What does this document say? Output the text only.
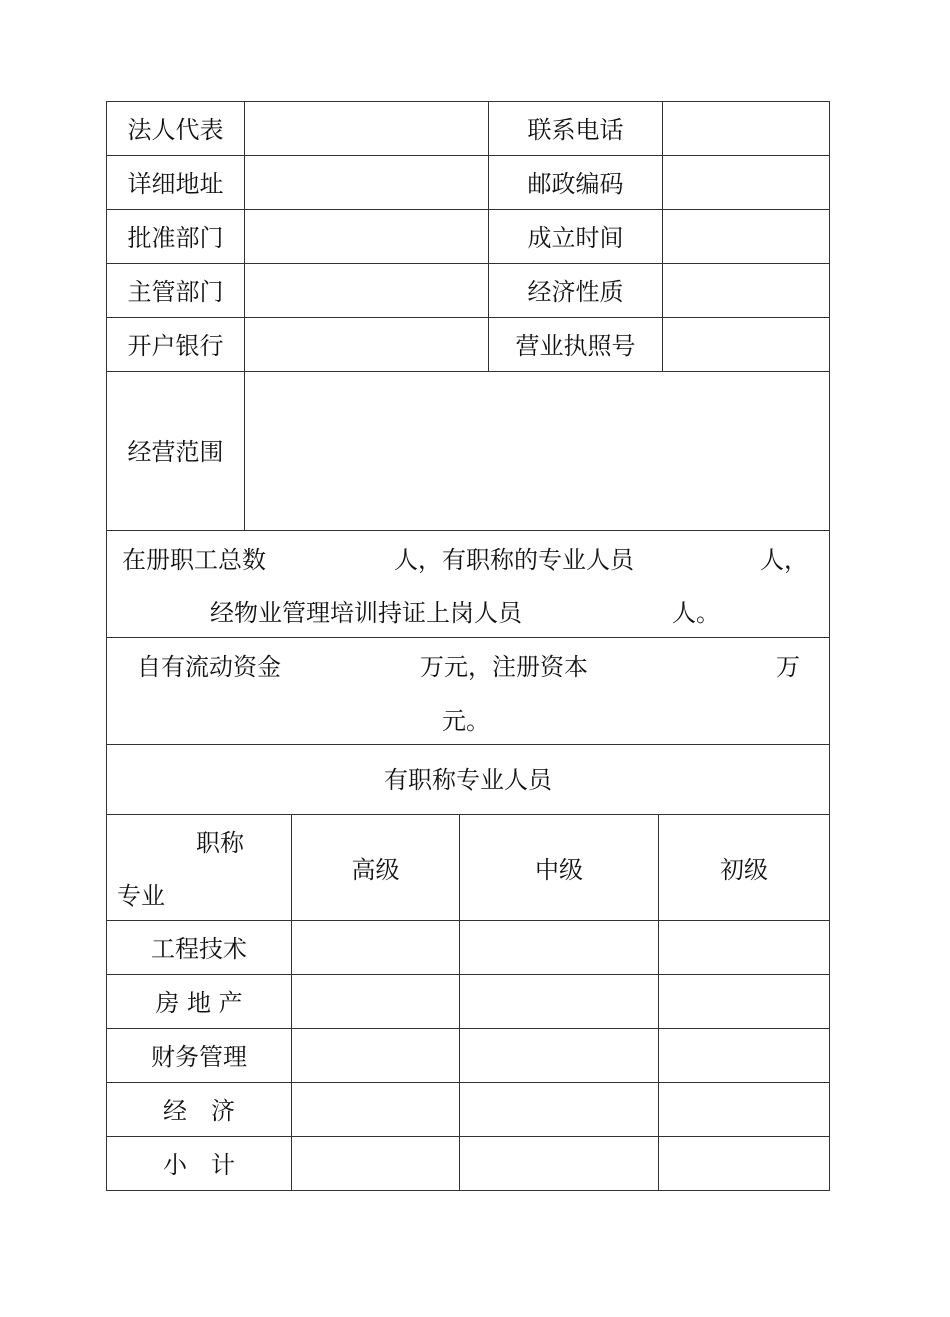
法人代表	联系电话
详细地址	邮政编码
批准部门	成立时间
主管部门	经济性质
开户银行	营业执照号
经营范围
在册职工总数	人，有职称的专业人员	人，
经物业管理培训持证上岗人员	人。
自有流动资金	万元，注册资本	万
元。
有职称专业人员
职称
专业
高级	中级	初级
工程技术
房 地 产
财务管理
经　济
小　计
